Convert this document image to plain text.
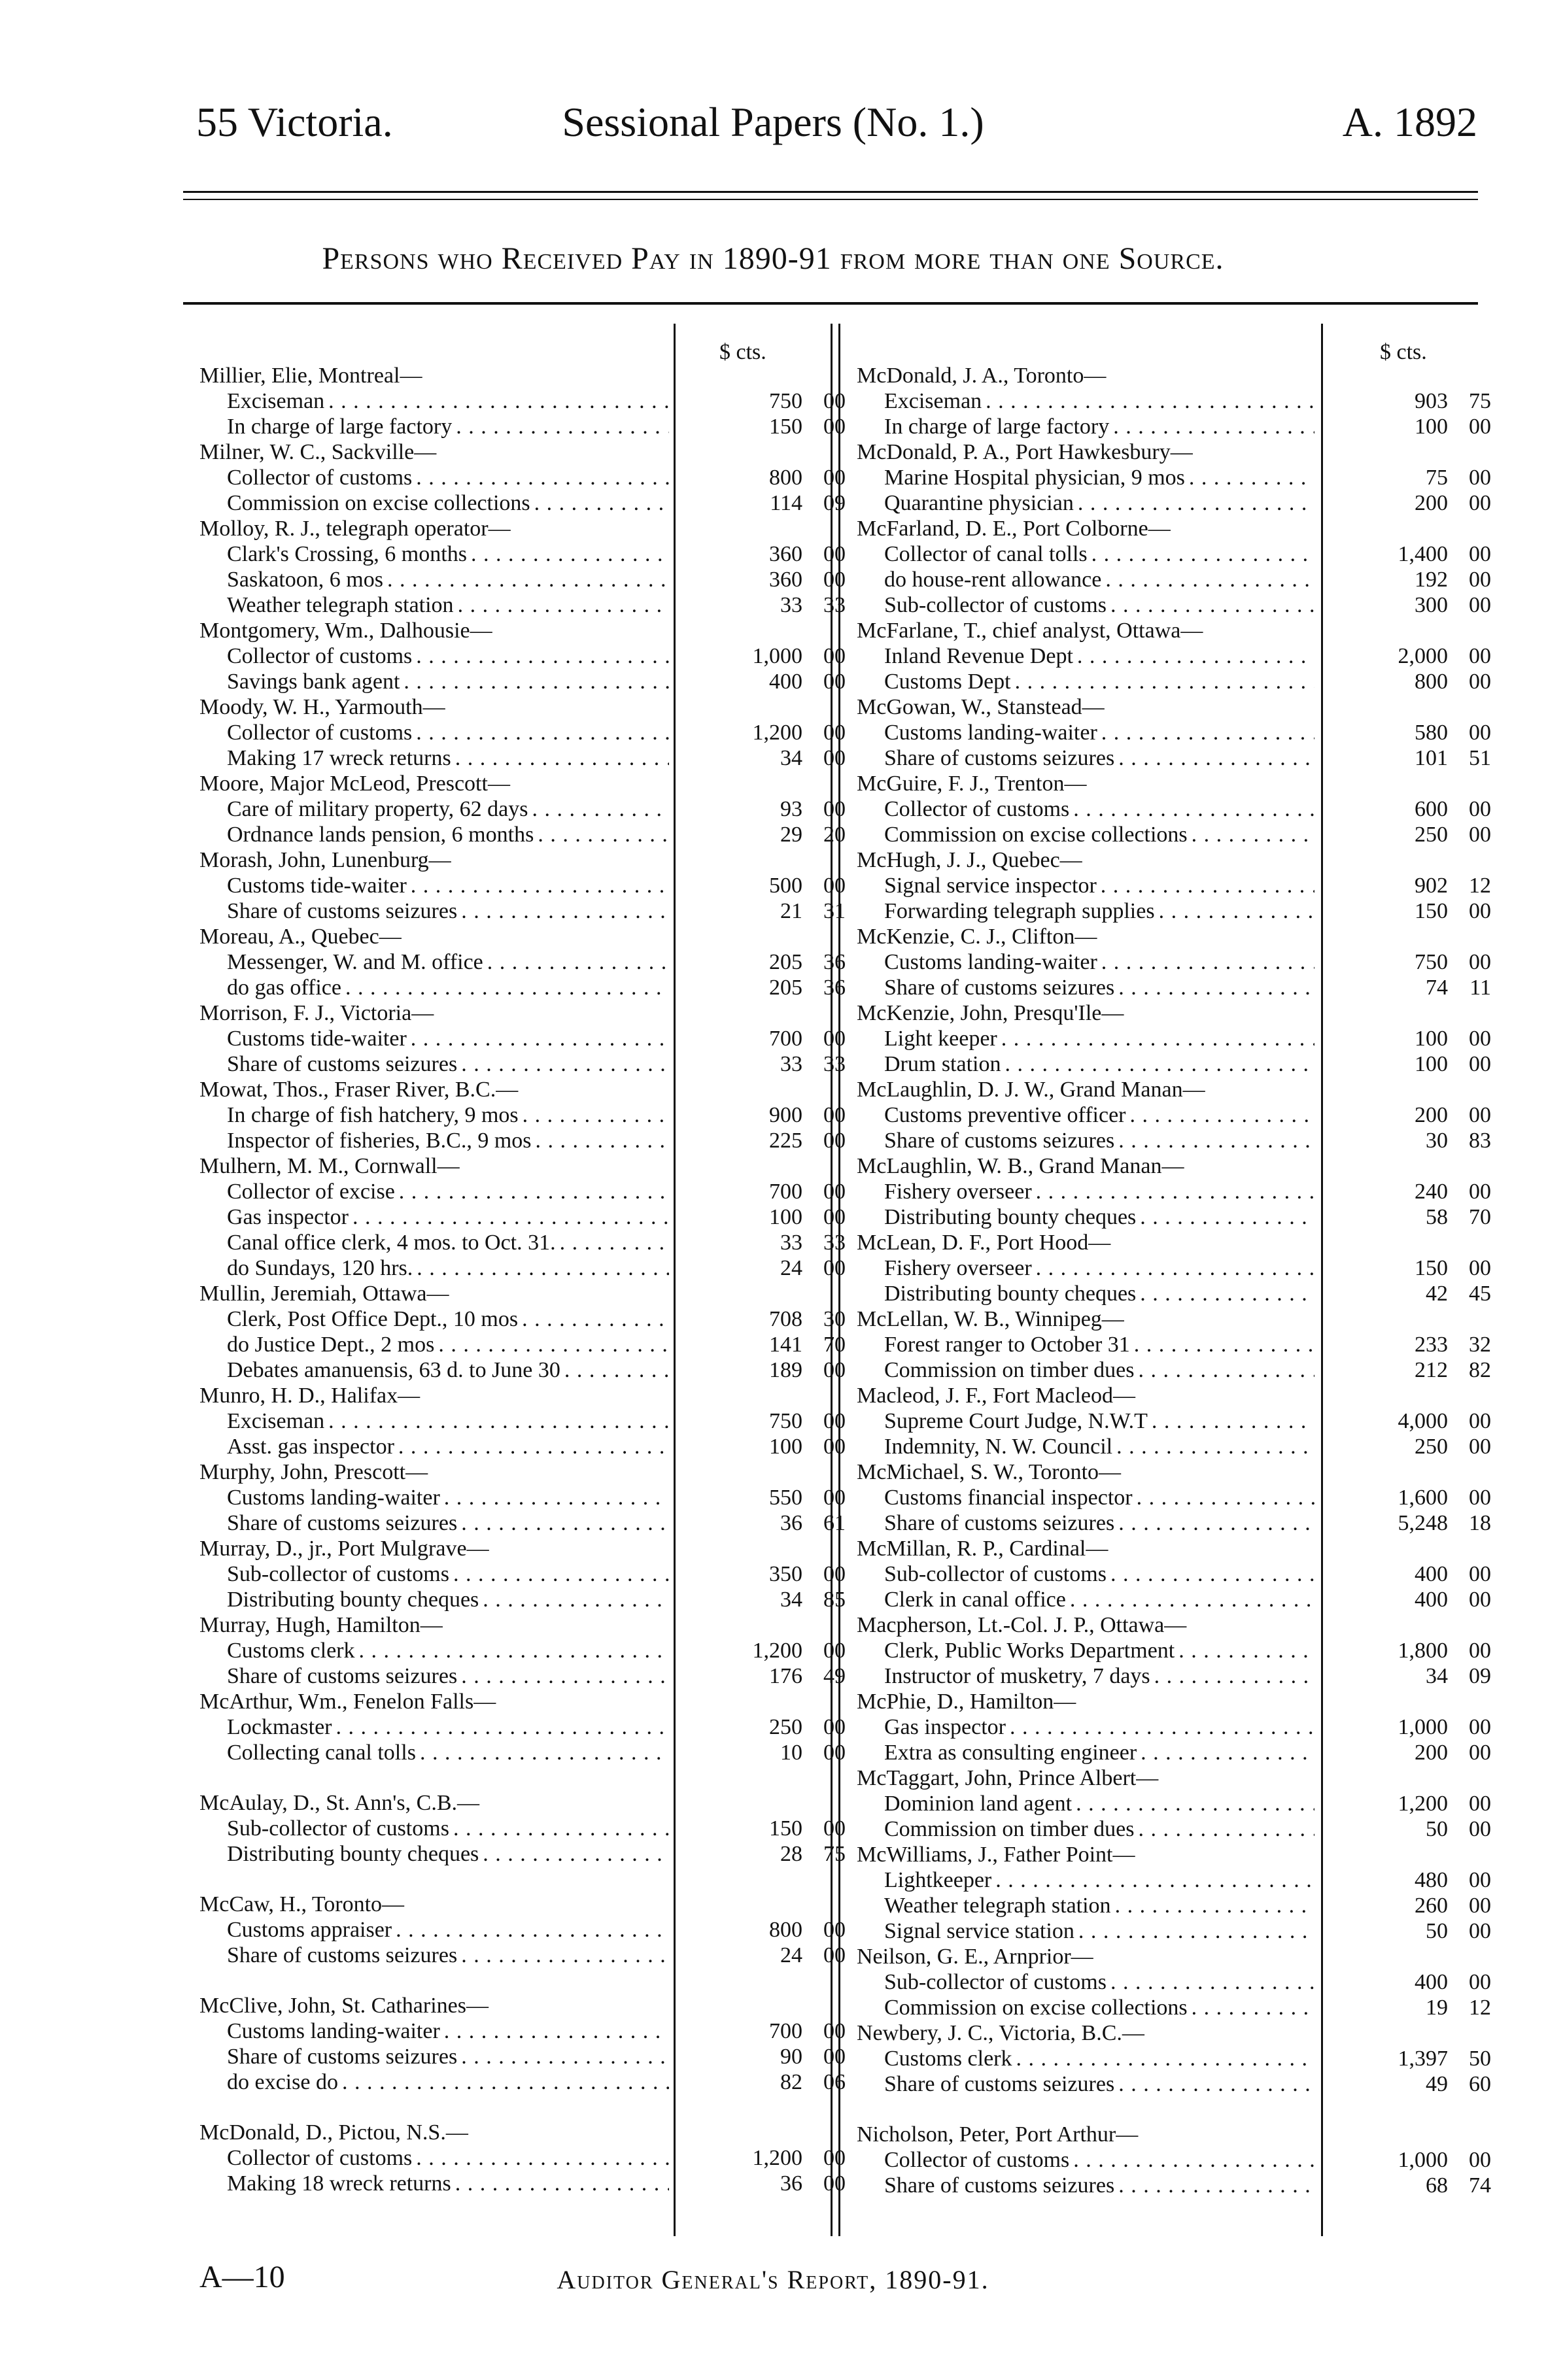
55 Victoria.	Sessional Papers (No. 1.)	A. 1892
Persons who Received Pay in 1890-91 from more than one Source.
$ cts.	$ cts.
Millier, Elie, Montreal—
Exciseman . . .	750 00
In charge of large factory . . .	150 00
Milner, W. C., Sackville—
Collector of customs . . .	800 00
Commission on excise collections . . .	114 09
Molloy, R. J., telegraph operator—
Clark's Crossing, 6 months . . .	360 00
Saskatoon, 6 mos . . .	360 00
Weather telegraph station . . .	33 33
Montgomery, Wm., Dalhousie—
Collector of customs . . .	1,000 00
Savings bank agent . . .	400 00
Moody, W. H., Yarmouth—
Collector of customs . . .	1,200 00
Making 17 wreck returns . . .	34 00
Moore, Major McLeod, Prescott—
Care of military property, 62 days . . .	93 00
Ordnance lands pension, 6 months . . .	29 20
Morash, John, Lunenburg—
Customs tide-waiter . . .	500 00
Share of customs seizures . . .	21 31
Moreau, A., Quebec—
Messenger, W. and M. office . . .	205 36
do gas office . . .	205 36
Morrison, F. J., Victoria—
Customs tide-waiter . . .	700 00
Share of customs seizures . . .	33 33
Mowat, Thos., Fraser River, B.C.—
In charge of fish hatchery, 9 mos . . .	900 00
Inspector of fisheries, B.C., 9 mos . . .	225 00
Mulhern, M. M., Cornwall—
Collector of excise . . .	700 00
Gas inspector . . .	100 00
Canal office clerk, 4 mos. to Oct. 31. . . .	33 33
do Sundays, 120 hrs. . . .	24 00
Mullin, Jeremiah, Ottawa—
Clerk, Post Office Dept., 10 mos . . .	708 30
do Justice Dept., 2 mos . . .	141 70
Debates amanuensis, 63 d. to June 30 . . .	189 00
Munro, H. D., Halifax—
Exciseman . . .	750 00
Asst. gas inspector . . .	100 00
Murphy, John, Prescott—
Customs landing-waiter . . .	550 00
Share of customs seizures . . .	36 61
Murray, D., jr., Port Mulgrave—
Sub-collector of customs . . .	350 00
Distributing bounty cheques . . .	34 85
Murray, Hugh, Hamilton—
Customs clerk . . .	1,200 00
Share of customs seizures . . .	176 49
McArthur, Wm., Fenelon Falls—
Lockmaster . . .	250 00
Collecting canal tolls . . .	10 00
McAulay, D., St. Ann's, C.B.—
Sub-collector of customs . . .	150 00
Distributing bounty cheques . . .	28 75
McCaw, H., Toronto—
Customs appraiser . . .	800 00
Share of customs seizures . . .	24 00
McClive, John, St. Catharines—
Customs landing-waiter . . .	700 00
Share of customs seizures . . .	90 00
do excise do . . .	82 06
McDonald, D., Pictou, N.S.—
Collector of customs . . .	1,200 00
Making 18 wreck returns . . .	36 00
McDonald, J. A., Toronto—
Exciseman . . .	903 75
In charge of large factory . . .	100 00
McDonald, P. A., Port Hawkesbury—
Marine Hospital physician, 9 mos . . .	75 00
Quarantine physician . . .	200 00
McFarland, D. E., Port Colborne—
Collector of canal tolls . . .	1,400 00
do house-rent allowance . . .	192 00
Sub-collector of customs . . .	300 00
McFarlane, T., chief analyst, Ottawa—
Inland Revenue Dept . . .	2,000 00
Customs Dept . . .	800 00
McGowan, W., Stanstead—
Customs landing-waiter . . .	580 00
Share of customs seizures . . .	101 51
McGuire, F. J., Trenton—
Collector of customs . . .	600 00
Commission on excise collections . . .	250 00
McHugh, J. J., Quebec—
Signal service inspector . . .	902 12
Forwarding telegraph supplies . . .	150 00
McKenzie, C. J., Clifton—
Customs landing-waiter . . .	750 00
Share of customs seizures . . .	74 11
McKenzie, John, Presqu'Ile—
Light keeper . . .	100 00
Drum station . . .	100 00
McLaughlin, D. J. W., Grand Manan—
Customs preventive officer . . .	200 00
Share of customs seizures . . .	30 83
McLaughlin, W. B., Grand Manan—
Fishery overseer . . .	240 00
Distributing bounty cheques . . .	58 70
McLean, D. F., Port Hood—
Fishery overseer . . .	150 00
Distributing bounty cheques . . .	42 45
McLellan, W. B., Winnipeg—
Forest ranger to October 31 . . .	233 32
Commission on timber dues . . .	212 82
Macleod, J. F., Fort Macleod—
Supreme Court Judge, N.W.T . . .	4,000 00
Indemnity, N. W. Council . . .	250 00
McMichael, S. W., Toronto—
Customs financial inspector . . .	1,600 00
Share of customs seizures . . .	5,248 18
McMillan, R. P., Cardinal—
Sub-collector of customs . . .	400 00
Clerk in canal office . . .	400 00
Macpherson, Lt.-Col. J. P., Ottawa—
Clerk, Public Works Department . . .	1,800 00
Instructor of musketry, 7 days . . .	34 09
McPhie, D., Hamilton—
Gas inspector . . .	1,000 00
Extra as consulting engineer . . .	200 00
McTaggart, John, Prince Albert—
Dominion land agent . . .	1,200 00
Commission on timber dues . . .	50 00
McWilliams, J., Father Point—
Lightkeeper . . .	480 00
Weather telegraph station . . .	260 00
Signal service station . . .	50 00
Neilson, G. E., Arnprior—
Sub-collector of customs . . .	400 00
Commission on excise collections . . .	19 12
Newbery, J. C., Victoria, B.C.—
Customs clerk . . .	1,397 50
Share of customs seizures . . .	49 60
Nicholson, Peter, Port Arthur—
Collector of customs . . .	1,000 00
Share of customs seizures . . .	68 74
A—10	Auditor General's Report, 1890-91.
